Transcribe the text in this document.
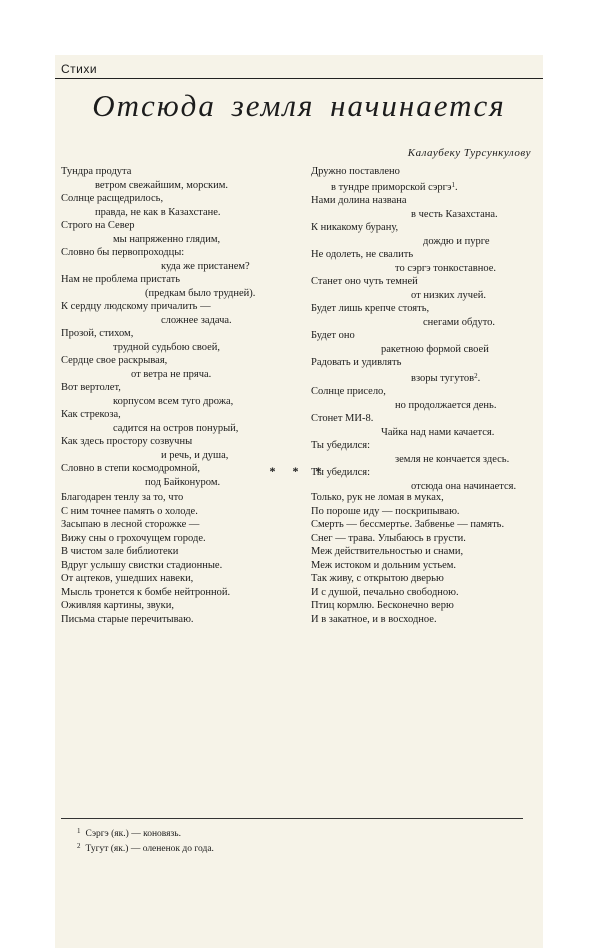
Стихи
Отсюда земля начинается
Калаубеку Турсункулову
Тундра продута
ветром свежайшим, морским.
Солнце расщедрилось,
правда, не как в Казахстане.
Строго на Север
мы напряженно глядим,
Словно бы первопроходцы:
куда же пристанем?
Нам не проблема пристать
(предкам было трудней).
К сердцу людскому причалить —
сложнее задача.
Прозой, стихом,
трудной судьбою своей,
Сердце свое раскрывая,
от ветра не пряча.
Вот вертолет,
корпусом всем туго дрожа,
Как стрекоза,
садится на остров понурый,
Как здесь простору созвучны
и речь, и душа,
Словно в степи космодромной,
под Байконуром.
Дружно поставлено
в тундре приморской сэргэ$^1$.
Нами долина названа
в честь Казахстана.
К никакому бурану,
дождю и пурге
Не одолеть, не свалить
то сэргэ тонкоставное.
Станет оно чуть темней
от низких лучей.
Будет лишь крепче стоять,
снегами обдуто.
Будет оно
ракетною формой своей
Радовать и удивлять
взоры тугутов$^2$.
Солнце присело,
но продолжается день.
Стонет МИ-8.
Чайка над нами качается.
Ты убедился:
земля не кончается здесь.
Ты убедился:
отсюда она начинается.
* * *
Благодарен тенлу за то, что
С ним точнее память о холоде.
Засыпаю в лесной сторожке —
Вижу сны о грохочущем городе.
В чистом зале библиотеки
Вдруг услышу свистки стадионные.
От ацтеков, ушедших навеки,
Мысль тронется к бомбе нейтронной.
Оживляя картины, звуки,
Письма старые перечитываю.
Только, рук не ломая в муках,
По пороше иду — поскрипываю.
Смерть — бессмертье. Забвенье — память.
Снег — трава. Улыбаюсь в грусти.
Меж действительностью и снами,
Меж истоком и дольним устьем.
Так живу, с открытою дверью
И с душой, печально свободною.
Птиц кормлю. Бесконечно верю
И в закатное, и в восходное.
$^1$ Сэргэ (як.) — коновязь.
$^2$ Тугут (як.) — олененок до года.
